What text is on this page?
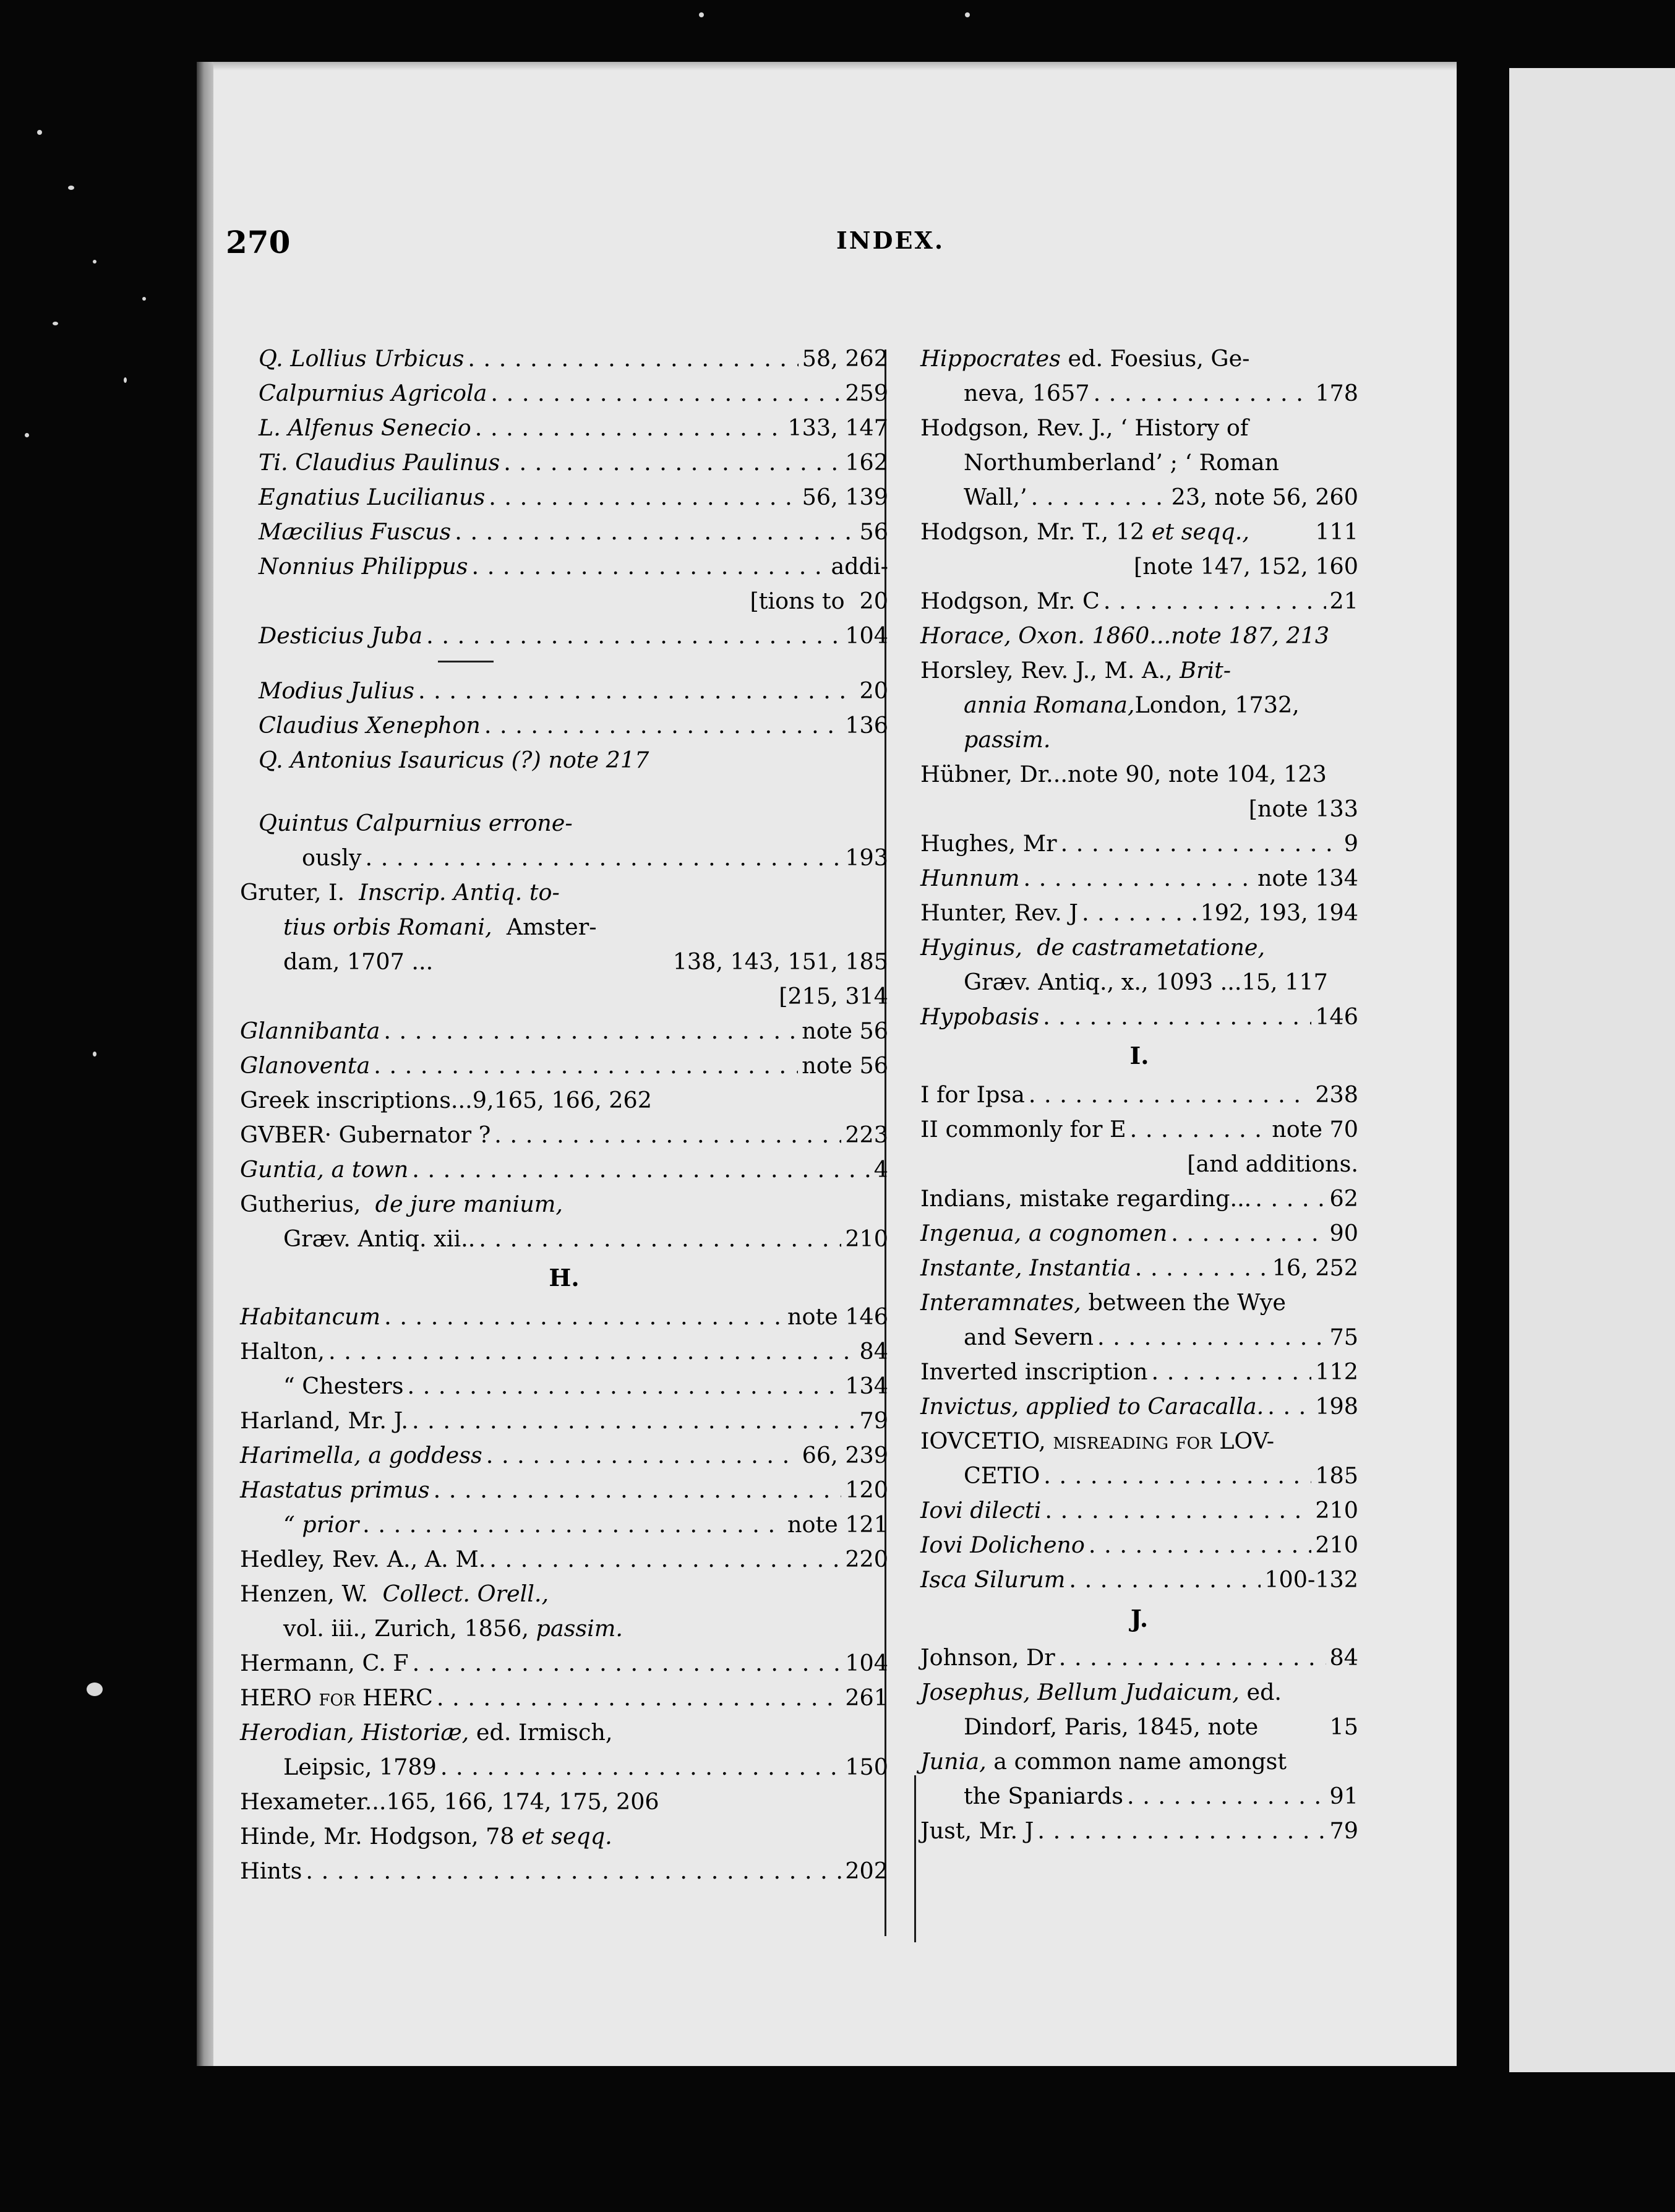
270	INDEX.
Q. Lollius Urbicus . . .	58, 262
Calpurnius Agricola . . .	259
L. Alfenus Senecio . . .	133, 147
Ti. Claudius Paulinus . . .	162
Egnatius Lucilianus . . .	56, 139
Mæcilius Fuscus . . .	56
Nonnius Philippus . . .	addi-
[tions to 20
Desticius Juba . . .	104
Modius Julius . . .	20
Claudius Xenephon . . .	136
Q. Antonius Isauricus (?) note 217
Quintus Calpurnius errone-
ously . . .	193
Gruter, I.
Inscrip. Antiq. to-
tius orbis Romani,
Amster-
dam, 1707 ...	138, 143, 151, 185
[215, 314
Glannibanta . . .	note 56
Glanoventa . . .	note 56
Greek inscriptions...9,165, 166, 262
GVBER· Gubernator ? . . .	223
Guntia, a town . . .	4
Gutherius,
de jure manium,
Græv. Antiq. xii.. . . .	210
H.
Habitancum . . .	note 146
Halton, . . .	84
“ Chesters . . .	134
Harland, Mr. J. . . .	79
Harimella, a goddess . . .	66, 239
Hastatus primus . . .	120
“ prior . . .	note 121
Hedley, Rev. A., A. M. . . .	220
Henzen, W.
Collect. Orell.,
vol. iii., Zurich, 1856,
passim.
Hermann, C. F . . .	104
HERO for HERC . . .	261
Herodian, Historiæ,
ed. Irmisch,
Leipsic, 1789 . . .	150
Hexameter...165, 166, 174, 175, 206
Hinde, Mr. Hodgson, 78
et seqq.
Hints . . .	202
Hippocrates
ed. Foesius, Ge-
neva, 1657 . . .	178
Hodgson, Rev. J., ‘ History of
Northumberland’ ; ‘ Roman
Wall,’ . . .	23, note 56, 260
Hodgson, Mr. T., 12
et seqq.,	111
[note 147, 152, 160
Hodgson, Mr. C . . .	21
Horace, Oxon. 1860...note 187, 213
Horsley, Rev. J., M. A.,
Brit-
annia Romana, London, 1732,
passim.
Hübner, Dr...note 90, note 104, 123
[note 133
Hughes, Mr . . .	9
Hunnum . . .	note 134
Hunter, Rev. J . . .	192, 193, 194
Hyginus,
de castrametatione,
Græv. Antiq., x., 1093 ...15, 117
Hypobasis . . .	146
I.
I for Ipsa . . .	238
II commonly for E . . .	note 70
[and additions.
Indians, mistake regarding... . . .	62
Ingenua, a cognomen . . .	90
Instante, Instantia . . .	16, 252
Interamnates,
between the Wye
and Severn . . .	75
Inverted inscription . . .	112
Invictus, applied to Caracalla. . . . 198
IOVCETIO, misreading for LOV-
CETIO . . .	185
Iovi dilecti . . .	210
Iovi Dolicheno . . .	210
Isca Silurum . . .	100-132
J.
Johnson, Dr . . .	84
Josephus, Bellum Judaicum,
ed.
Dindorf, Paris, 1845, note	15
Junia,
a common name amongst
the Spaniards . . .	91
Just, Mr. J . . .	79
